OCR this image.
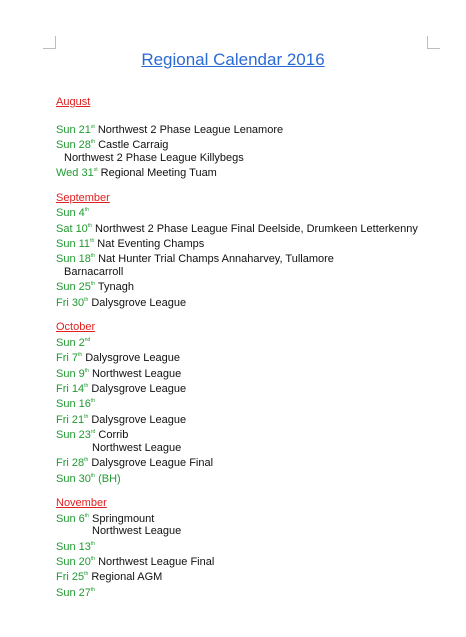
Regional Calendar 2016
August
Sun 21st Northwest 2 Phase League Lenamore
Sun 28th Castle Carraig
Northwest 2 Phase League Killybegs
Wed 31st Regional Meeting Tuam
September
Sun 4th
Sat 10th Northwest 2 Phase League Final Deelside, Drumkeen Letterkenny
Sun 11th Nat Eventing Champs
Sun 18th Nat Hunter Trial Champs Annaharvey, Tullamore
Barnacarroll
Sun 25th Tynagh
Fri 30th Dalysgrove League
October
Sun 2nd
Fri 7th Dalysgrove League
Sun 9th Northwest League
Fri 14th Dalysgrove League
Sun 16th
Fri 21th Dalysgrove League
Sun 23rd Corrib
Northwest League
Fri 28th Dalysgrove League Final
Sun 30th (BH)
November
Sun 6th Springmount
Northwest League
Sun 13th
Sun 20th Northwest League Final
Fri 25th Regional AGM
Sun 27th
